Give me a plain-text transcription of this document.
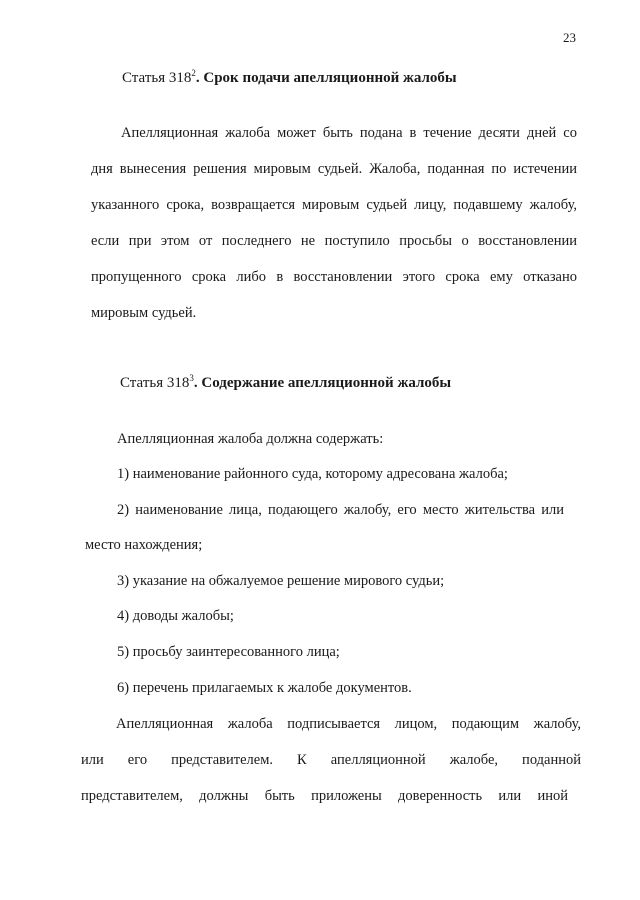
23
Статья $318^2$. Срок подачи апелляционной жалобы
Апелляционная жалоба может быть подана в течение десяти дней со
дня вынесения решения мировым судьей. Жалоба, поданная по истечении
указанного срока, возвращается мировым судьей лицу, подавшему жалобу,
если при этом от последнего не поступило просьбы о восстановлении
пропущенного срока либо в восстановлении этого срока ему отказано
мировым судьей.
Статья $318^3$. Содержание апелляционной жалобы
Апелляционная жалоба должна содержать:
1) наименование районного суда, которому адресована жалоба;
2) наименование лица, подающего жалобу, его место жительства или
место нахождения;
3) указание на обжалуемое решение мирового судьи;
4) доводы жалобы;
5) просьбу заинтересованного лица;
6) перечень прилагаемых к жалобе документов.
Апелляционная жалоба подписывается лицом, подающим жалобу,
или его представителем. К апелляционной жалобе, поданной
представителем, должны быть приложены доверенность или иной
